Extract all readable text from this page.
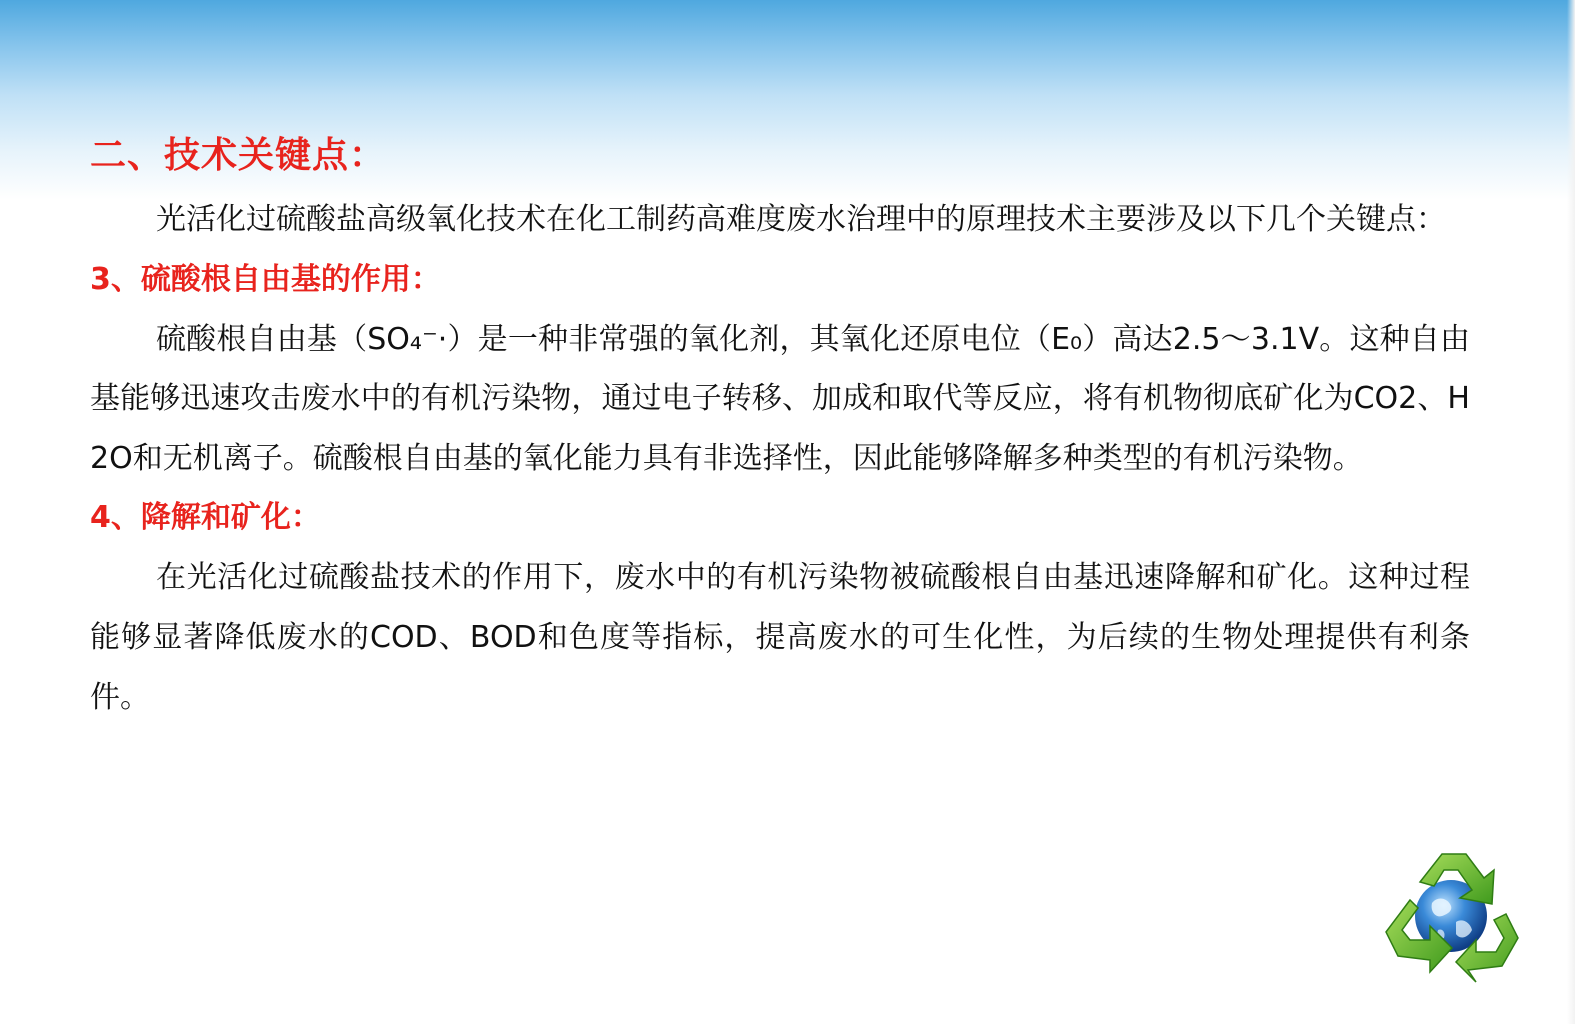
二、技术关键点：

光活化过硫酸盐高级氧化技术在化工制药高难度废水治理中的原理技术主要涉及以下几个关键点：

3、硫酸根自由基的作用：

硫酸根自由基（SO₄⁻·）是一种非常强的氧化剂，其氧化还原电位（E₀）高达2.5～3.1V。这种自由基能够迅速攻击废水中的有机污染物，通过电子转移、加成和取代等反应，将有机物彻底矿化为CO2、H2O和无机离子。硫酸根自由基的氧化能力具有非选择性，因此能够降解多种类型的有机污染物。

4、降解和矿化：

在光活化过硫酸盐技术的作用下，废水中的有机污染物被硫酸根自由基迅速降解和矿化。这种过程能够显著降低废水的COD、BOD和色度等指标，提高废水的可生化性，为后续的生物处理提供有利条件。
